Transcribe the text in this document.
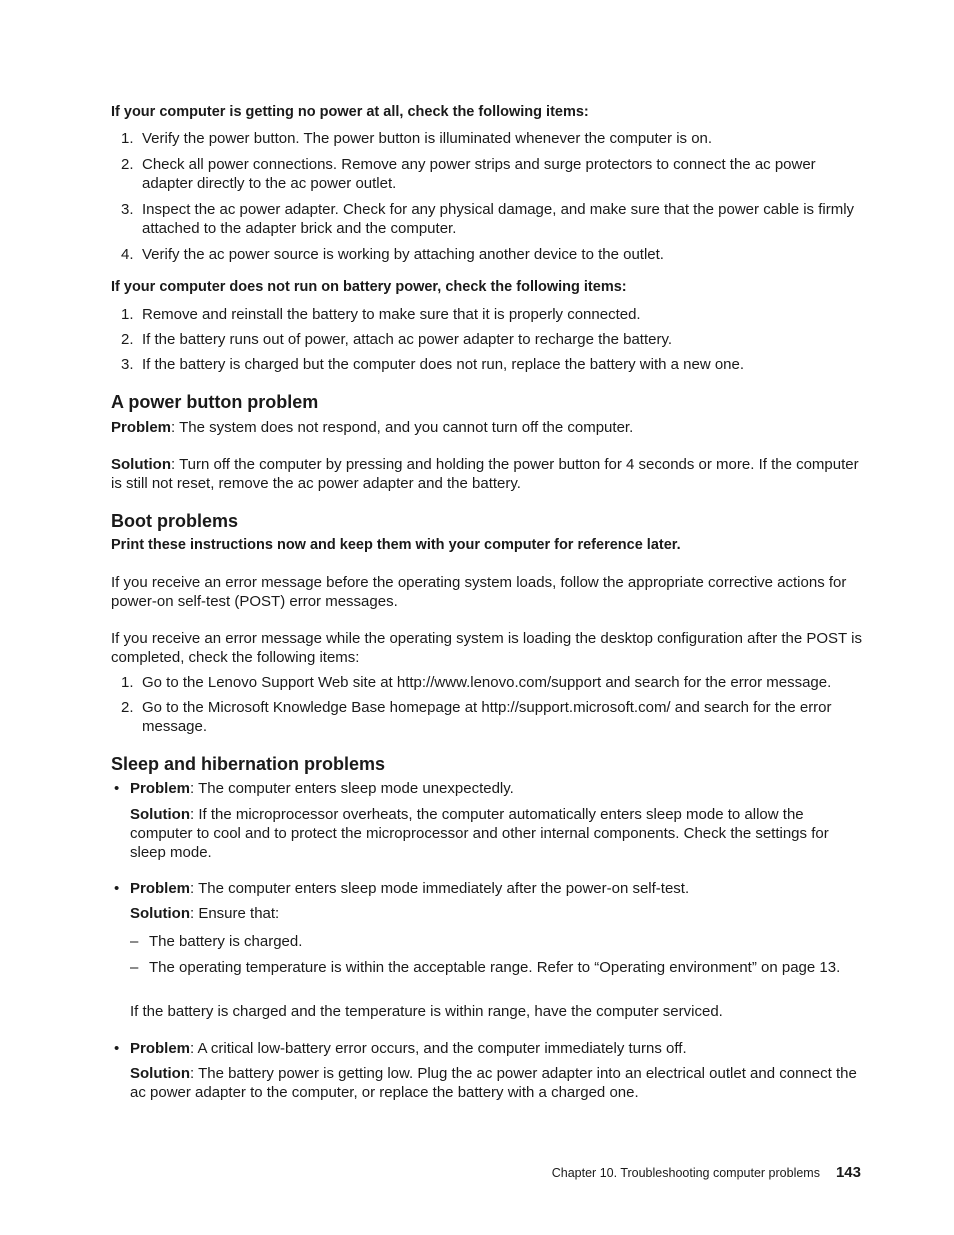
If your computer is getting no power at all, check the following items:
1. Verify the power button. The power button is illuminated whenever the computer is on.
2. Check all power connections. Remove any power strips and surge protectors to connect the ac power adapter directly to the ac power outlet.
3. Inspect the ac power adapter. Check for any physical damage, and make sure that the power cable is firmly attached to the adapter brick and the computer.
4. Verify the ac power source is working by attaching another device to the outlet.
If your computer does not run on battery power, check the following items:
1. Remove and reinstall the battery to make sure that it is properly connected.
2. If the battery runs out of power, attach ac power adapter to recharge the battery.
3. If the battery is charged but the computer does not run, replace the battery with a new one.
A power button problem
Problem: The system does not respond, and you cannot turn off the computer.
Solution: Turn off the computer by pressing and holding the power button for 4 seconds or more. If the computer is still not reset, remove the ac power adapter and the battery.
Boot problems
Print these instructions now and keep them with your computer for reference later.
If you receive an error message before the operating system loads, follow the appropriate corrective actions for power-on self-test (POST) error messages.
If you receive an error message while the operating system is loading the desktop configuration after the POST is completed, check the following items:
1. Go to the Lenovo Support Web site at http://www.lenovo.com/support and search for the error message.
2. Go to the Microsoft Knowledge Base homepage at http://support.microsoft.com/ and search for the error message.
Sleep and hibernation problems
• Problem: The computer enters sleep mode unexpectedly.
Solution: If the microprocessor overheats, the computer automatically enters sleep mode to allow the computer to cool and to protect the microprocessor and other internal components. Check the settings for sleep mode.
• Problem: The computer enters sleep mode immediately after the power-on self-test.
Solution: Ensure that:
– The battery is charged.
– The operating temperature is within the acceptable range. Refer to “Operating environment” on page 13.
If the battery is charged and the temperature is within range, have the computer serviced.
• Problem: A critical low-battery error occurs, and the computer immediately turns off.
Solution: The battery power is getting low. Plug the ac power adapter into an electrical outlet and connect the ac power adapter to the computer, or replace the battery with a charged one.
Chapter 10. Troubleshooting computer problems 143
